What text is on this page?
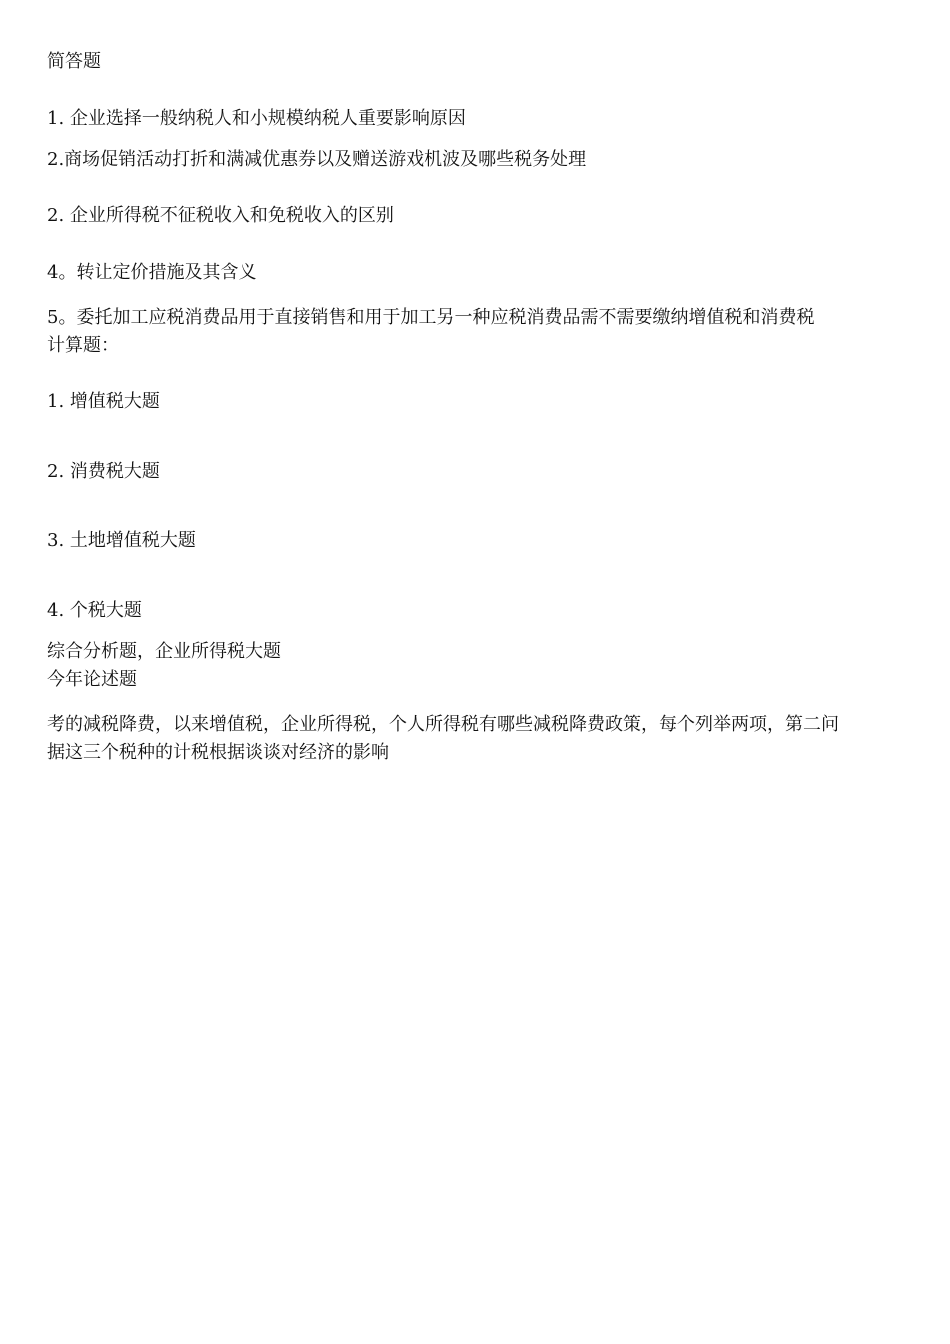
简答题

1. 企业选择一般纳税人和小规模纳税人重要影响原因

2.商场促销活动打折和满减优惠券以及赠送游戏机波及哪些税务处理

2. 企业所得税不征税收入和免税收入的区别

4。转让定价措施及其含义

5。委托加工应税消费品用于直接销售和用于加工另一种应税消费品需不需要缴纳增值税和消费税

计算题：

1. 增值税大题

2. 消费税大题

3. 土地增值税大题

4. 个税大题

综合分析题，企业所得税大题

今年论述题

考的减税降费，以来增值税，企业所得税，个人所得税有哪些减税降费政策，每个列举两项，第二问

据这三个税种的计税根据谈谈对经济的影响
